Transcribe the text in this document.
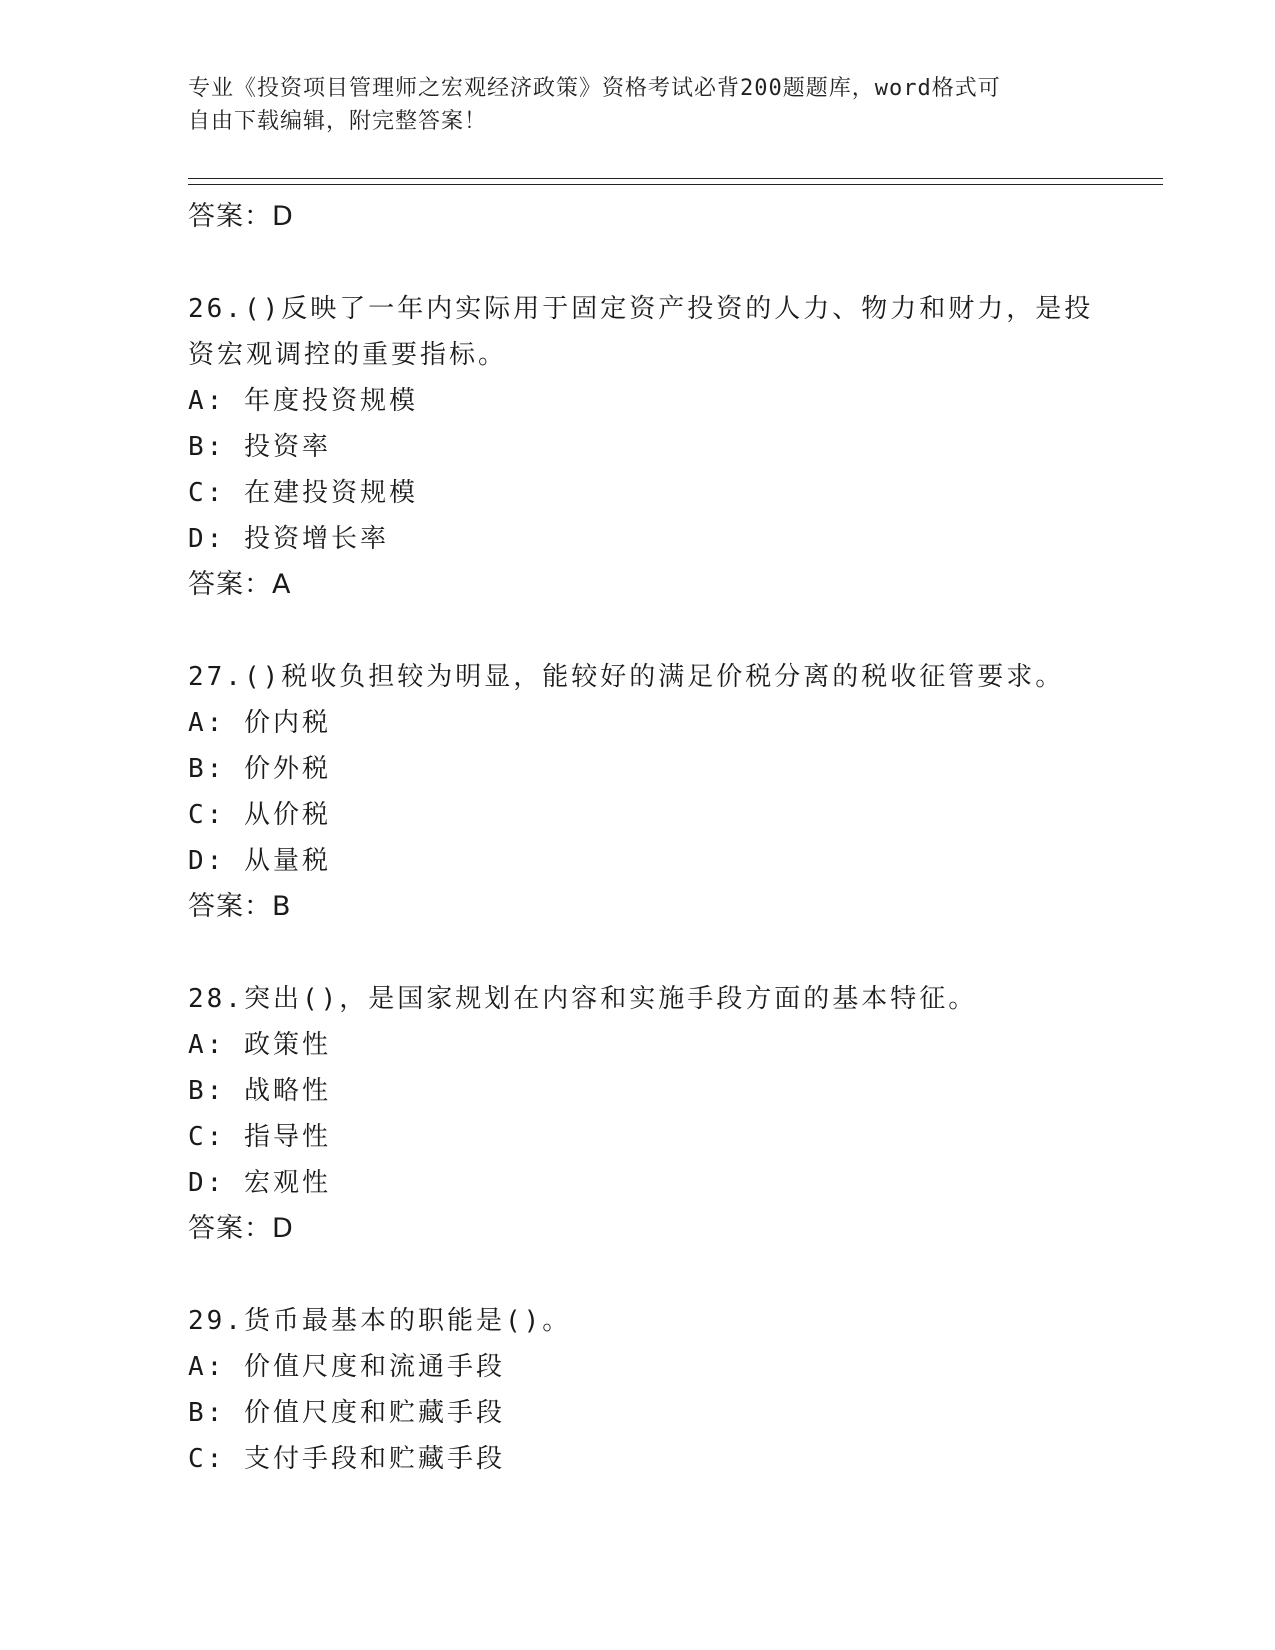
专业《投资项目管理师之宏观经济政策》资格考试必背200题题库，word格式可
自由下载编辑，附完整答案！
答案：D
26.()反映了一年内实际用于固定资产投资的人力、物力和财力，是投
资宏观调控的重要指标。
A: 年度投资规模
B: 投资率
C: 在建投资规模
D: 投资增长率
答案：A
27.()税收负担较为明显，能较好的满足价税分离的税收征管要求。
A: 价内税
B: 价外税
C: 从价税
D: 从量税
答案：B
28.突出()，是国家规划在内容和实施手段方面的基本特征。
A: 政策性
B: 战略性
C: 指导性
D: 宏观性
答案：D
29.货币最基本的职能是()。
A: 价值尺度和流通手段
B: 价值尺度和贮藏手段
C: 支付手段和贮藏手段
